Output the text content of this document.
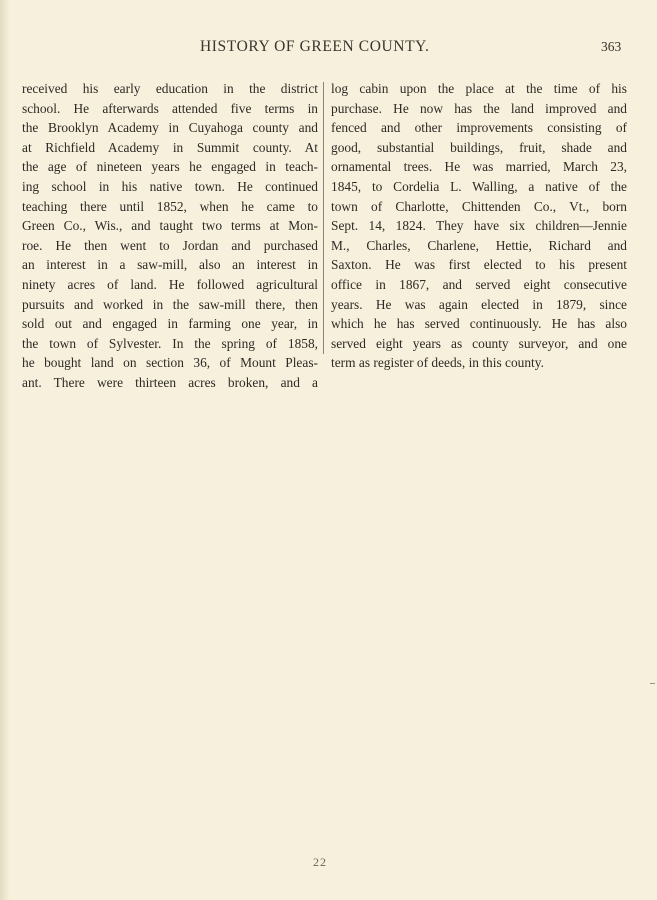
HISTORY OF GREEN COUNTY.	363
received his early education in the district
school. He afterwards attended five terms in
the Brooklyn Academy in Cuyahoga county and
at Richfield Academy in Summit county. At
the age of nineteen years he engaged in teach-
ing school in his native town. He continued
teaching there until 1852, when he came to
Green Co., Wis., and taught two terms at Mon-
roe. He then went to Jordan and purchased
an interest in a saw-mill, also an interest in
ninety acres of land. He followed agricultural
pursuits and worked in the saw-mill there, then
sold out and engaged in farming one year, in
the town of Sylvester. In the spring of 1858,
he bought land on section 36, of Mount Pleas-
ant. There were thirteen acres broken, and a
log cabin upon the place at the time of his
purchase. He now has the land improved and
fenced and other improvements consisting of
good, substantial buildings, fruit, shade and
ornamental trees. He was married, March 23,
1845, to Cordelia L. Walling, a native of the
town of Charlotte, Chittenden Co., Vt., born
Sept. 14, 1824. They have six children—Jennie
M., Charles, Charlene, Hettie, Richard and
Saxton. He was first elected to his present
office in 1867, and served eight consecutive
years. He was again elected in 1879, since
which he has served continuously. He has also
served eight years as county surveyor, and one
term as register of deeds, in this county.
22
